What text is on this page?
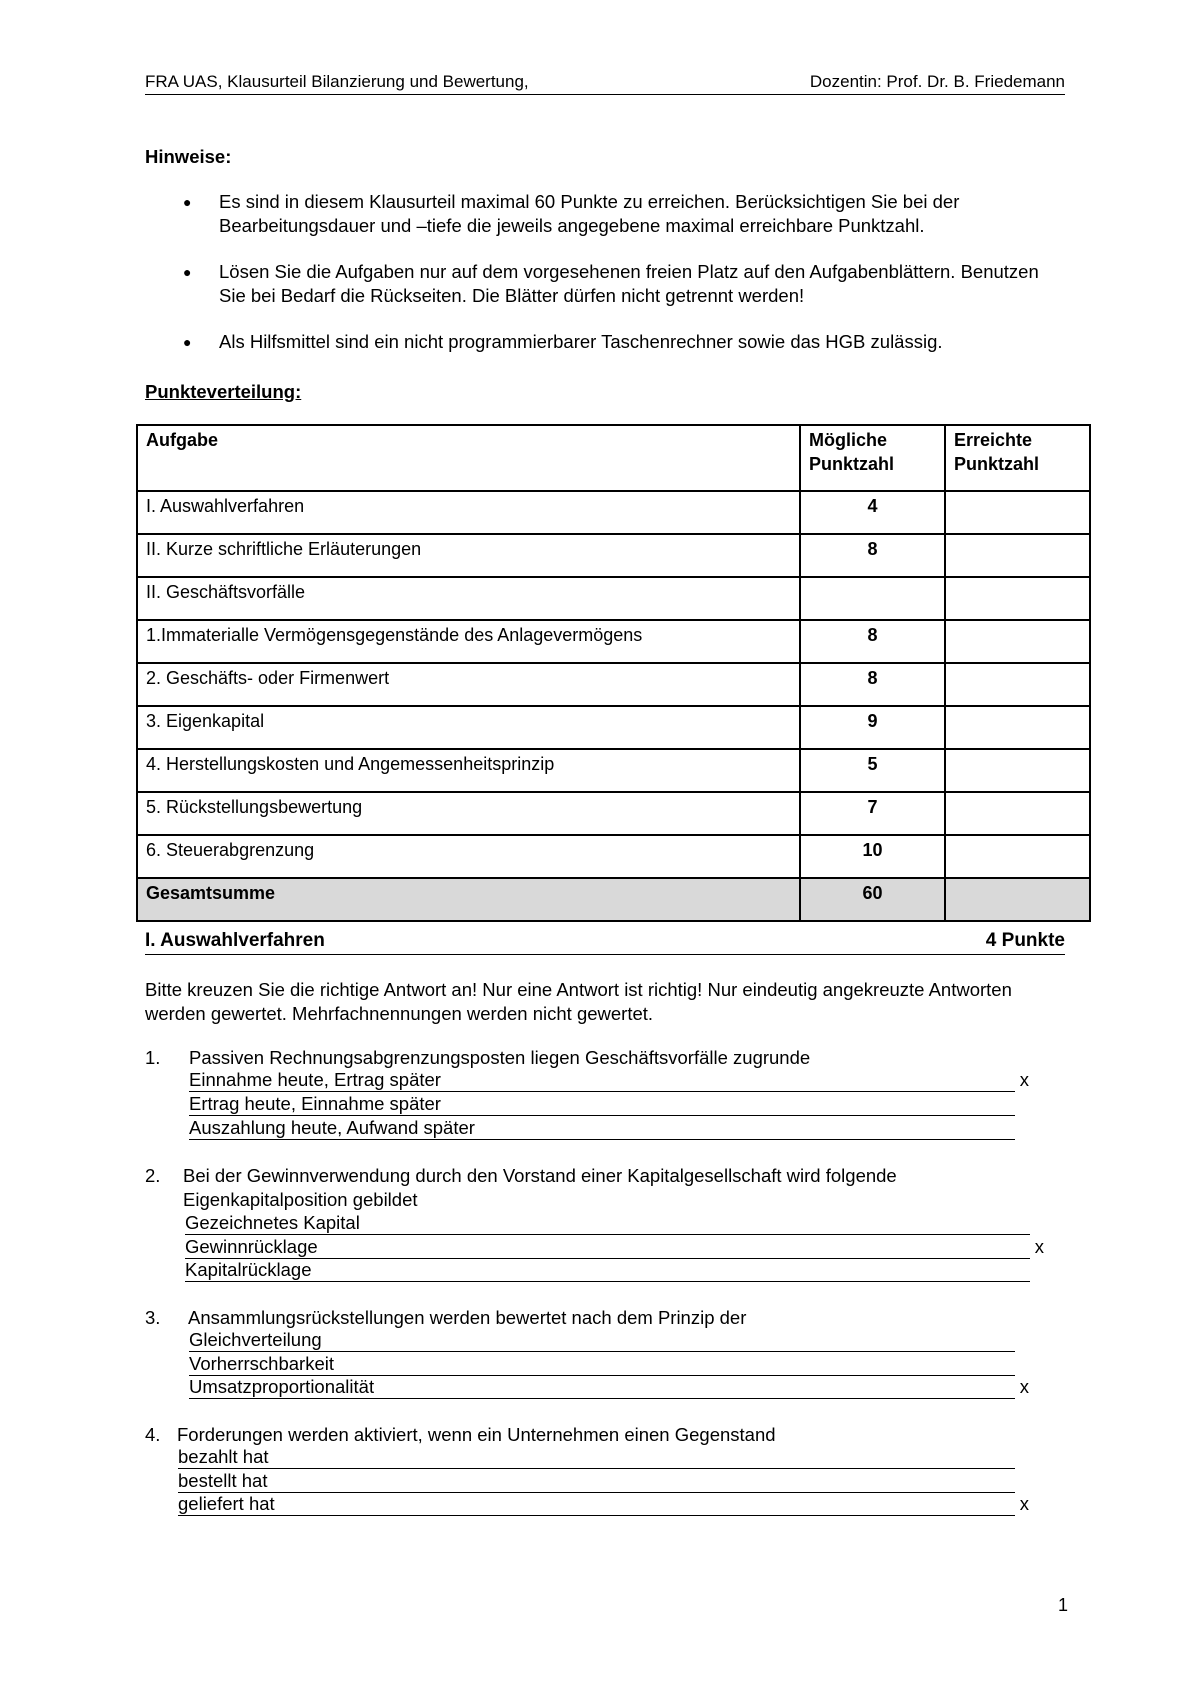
FRA UAS, Klausurteil Bilanzierung und Bewertung,	Dozentin: Prof. Dr. B. Friedemann
Hinweise:
● Es sind in diesem Klausurteil maximal 60 Punkte zu erreichen. Berücksichtigen Sie bei der Bearbeitungsdauer und –tiefe die jeweils angegebene maximal erreichbare Punktzahl.
● Lösen Sie die Aufgaben nur auf dem vorgesehenen freien Platz auf den Aufgabenblättern. Benutzen Sie bei Bedarf die Rückseiten. Die Blätter dürfen nicht getrennt werden!
● Als Hilfsmittel sind ein nicht programmierbarer Taschenrechner sowie das HGB zulässig.
Punkteverteilung:
Aufgabe	Mögliche Punktzahl	Erreichte Punktzahl
I. Auswahlverfahren	4	
II. Kurze schriftliche Erläuterungen	8	
II. Geschäftsvorfälle		
1.Immaterialle Vermögensgegenstände des Anlagevermögens	8	
2. Geschäfts- oder Firmenwert	8	
3. Eigenkapital	9	
4. Herstellungskosten und Angemessenheitsprinzip	5	
5. Rückstellungsbewertung	7	
6. Steuerabgrenzung	10	
Gesamtsumme	60	
I. Auswahlverfahren	4 Punkte
Bitte kreuzen Sie die richtige Antwort an! Nur eine Antwort ist richtig! Nur eindeutig angekreuzte Antworten werden gewertet. Mehrfachnennungen werden nicht gewertet.
1. Passiven Rechnungsabgrenzungsposten liegen Geschäftsvorfälle zugrunde
Einnahme heute, Ertrag später	x
Ertrag heute, Einnahme später
Auszahlung heute, Aufwand später
2. Bei der Gewinnverwendung durch den Vorstand einer Kapitalgesellschaft wird folgende Eigenkapitalposition gebildet
Gezeichnetes Kapital
Gewinnrücklage	x
Kapitalrücklage
3. Ansammlungsrückstellungen werden bewertet nach dem Prinzip der
Gleichverteilung
Vorherrschbarkeit
Umsatzproportionalität	x
4. Forderungen werden aktiviert, wenn ein Unternehmen einen Gegenstand
bezahlt hat
bestellt hat
geliefert hat	x
1
